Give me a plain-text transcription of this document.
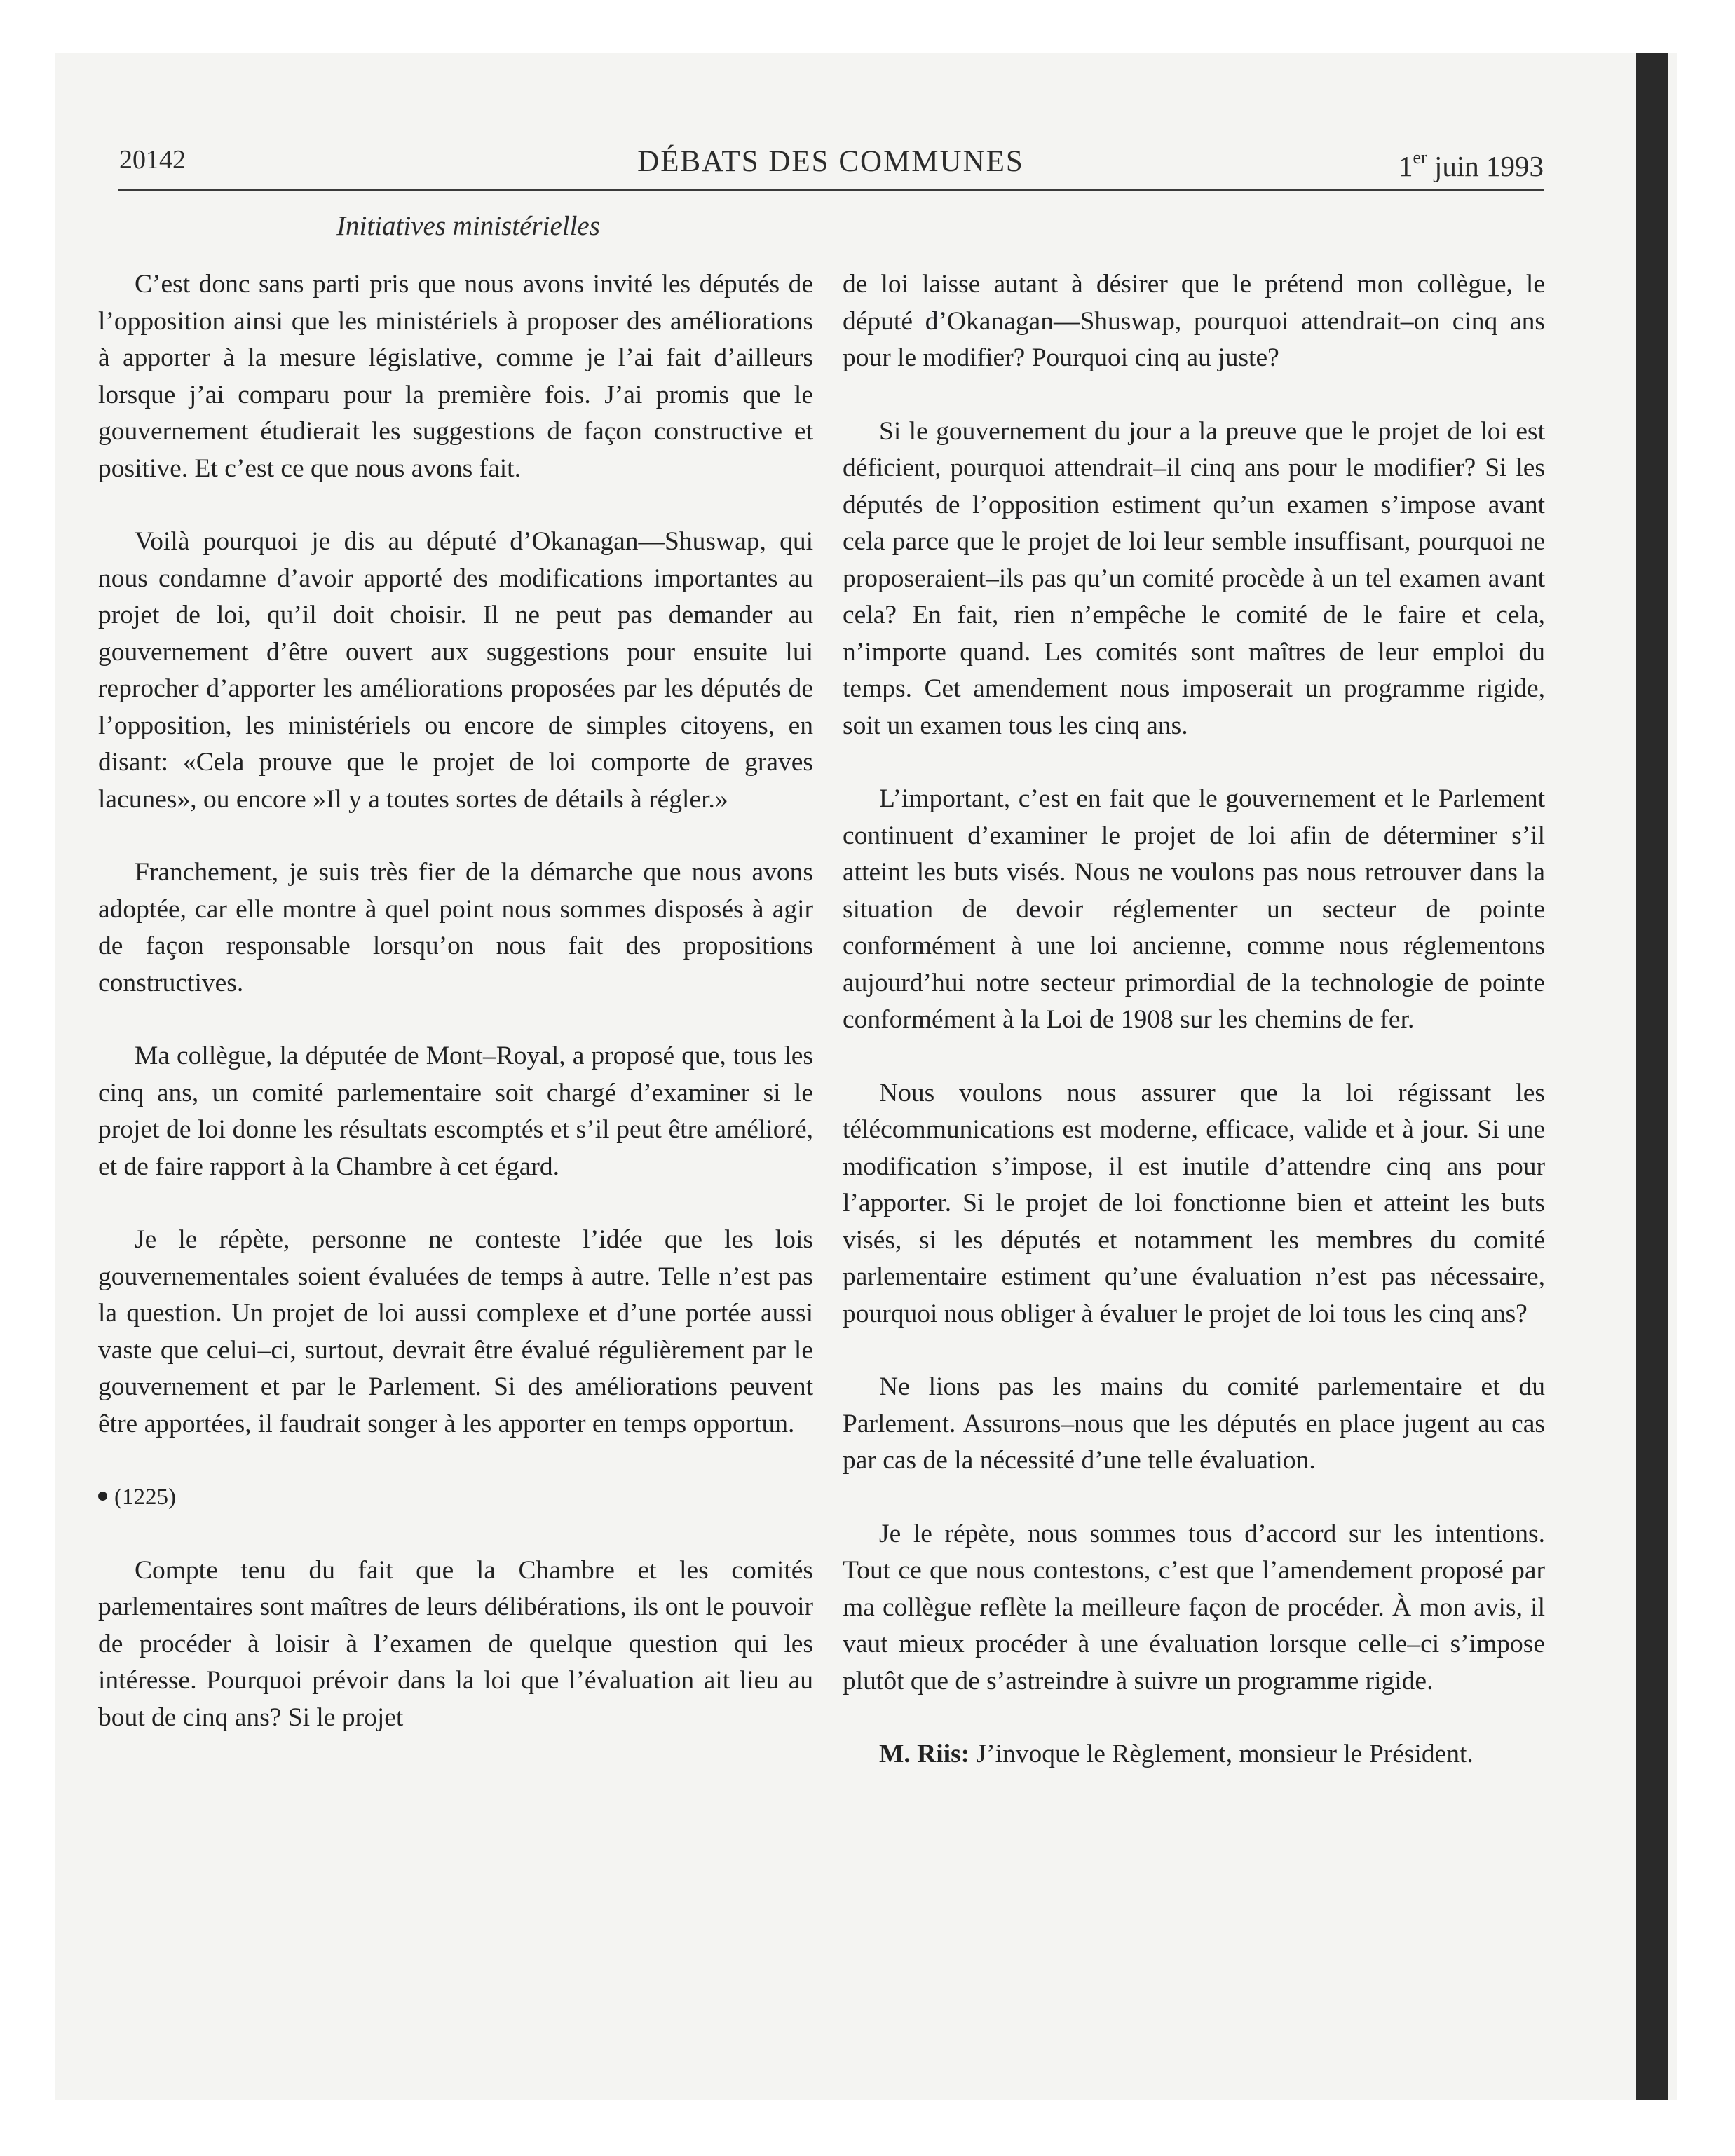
20142	DÉBATS DES COMMUNES	1er juin 1993
Initiatives ministérielles

C’est donc sans parti pris que nous avons invité les députés de l’opposition ainsi que les ministériels à proposer des améliorations à apporter à la mesure législative, comme je l’ai fait d’ailleurs lorsque j’ai comparu pour la première fois. J’ai promis que le gouvernement étudierait les suggestions de façon constructive et positive. Et c’est ce que nous avons fait.

Voilà pourquoi je dis au député d’Okanagan—Shuswap, qui nous condamne d’avoir apporté des modifications importantes au projet de loi, qu’il doit choisir. Il ne peut pas demander au gouvernement d’être ouvert aux suggestions pour ensuite lui reprocher d’apporter les améliorations proposées par les députés de l’opposition, les ministériels ou encore de simples citoyens, en disant: «Cela prouve que le projet de loi comporte de graves lacunes», ou encore »Il y a toutes sortes de détails à régler.»

Franchement, je suis très fier de la démarche que nous avons adoptée, car elle montre à quel point nous sommes disposés à agir de façon responsable lorsqu’on nous fait des propositions constructives.

Ma collègue, la députée de Mont–Royal, a proposé que, tous les cinq ans, un comité parlementaire soit chargé d’examiner si le projet de loi donne les résultats escomptés et s’il peut être amélioré, et de faire rapport à la Chambre à cet égard.

Je le répète, personne ne conteste l’idée que les lois gouvernementales soient évaluées de temps à autre. Telle n’est pas la question. Un projet de loi aussi complexe et d’une portée aussi vaste que celui–ci, surtout, devrait être évalué régulièrement par le gouvernement et par le Parlement. Si des améliorations peuvent être apportées, il faudrait songer à les apporter en temps opportun.

(1225)

Compte tenu du fait que la Chambre et les comités parlementaires sont maîtres de leurs délibérations, ils ont le pouvoir de procéder à loisir à l’examen de quelque question qui les intéresse. Pourquoi prévoir dans la loi que l’évaluation ait lieu au bout de cinq ans? Si le projet

de loi laisse autant à désirer que le prétend mon collègue, le député d’Okanagan—Shuswap, pourquoi attendrait–on cinq ans pour le modifier? Pourquoi cinq au juste?

Si le gouvernement du jour a la preuve que le projet de loi est déficient, pourquoi attendrait–il cinq ans pour le modifier? Si les députés de l’opposition estiment qu’un examen s’impose avant cela parce que le projet de loi leur semble insuffisant, pourquoi ne proposeraient–ils pas qu’un comité procède à un tel examen avant cela? En fait, rien n’empêche le comité de le faire et cela, n’importe quand. Les comités sont maîtres de leur emploi du temps. Cet amendement nous imposerait un programme rigide, soit un examen tous les cinq ans.

L’important, c’est en fait que le gouvernement et le Parlement continuent d’examiner le projet de loi afin de déterminer s’il atteint les buts visés. Nous ne voulons pas nous retrouver dans la situation de devoir réglementer un secteur de pointe conformément à une loi ancienne, comme nous réglementons aujourd’hui notre secteur primordial de la technologie de pointe conformément à la Loi de 1908 sur les chemins de fer.

Nous voulons nous assurer que la loi régissant les télécommunications est moderne, efficace, valide et à jour. Si une modification s’impose, il est inutile d’attendre cinq ans pour l’apporter. Si le projet de loi fonctionne bien et atteint les buts visés, si les députés et notamment les membres du comité parlementaire estiment qu’une évaluation n’est pas nécessaire, pourquoi nous obliger à évaluer le projet de loi tous les cinq ans?

Ne lions pas les mains du comité parlementaire et du Parlement. Assurons–nous que les députés en place jugent au cas par cas de la nécessité d’une telle évaluation.

Je le répète, nous sommes tous d’accord sur les intentions. Tout ce que nous contestons, c’est que l’amendement proposé par ma collègue reflète la meilleure façon de procéder. À mon avis, il vaut mieux procéder à une évaluation lorsque celle–ci s’impose plutôt que de s’astreindre à suivre un programme rigide.

M. Riis: J’invoque le Règlement, monsieur le Président.
